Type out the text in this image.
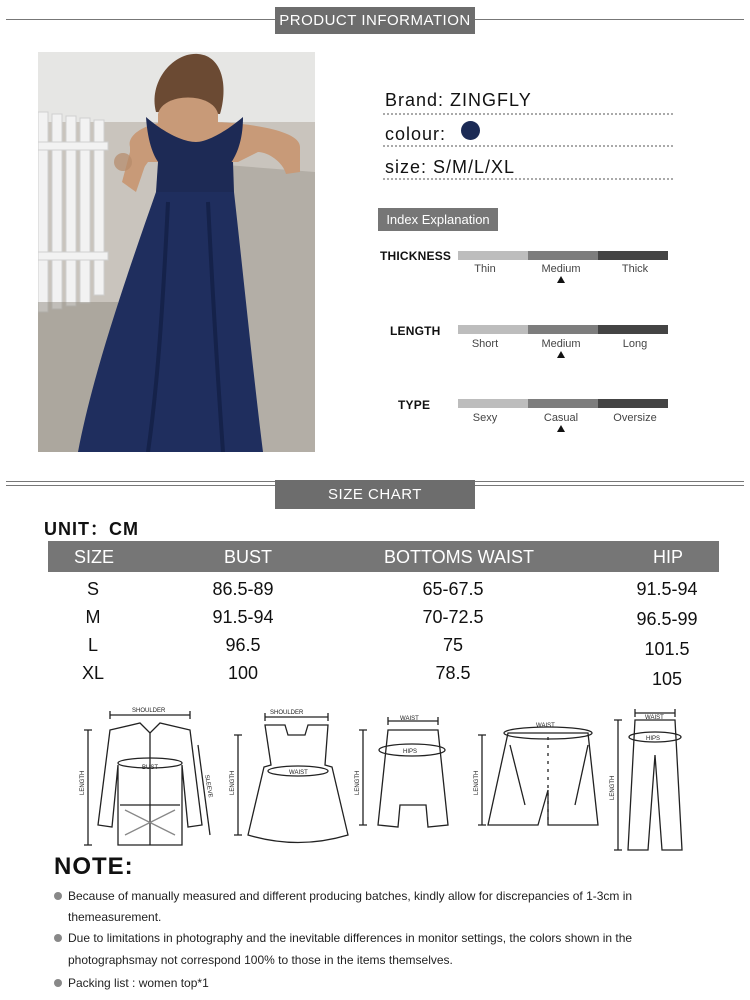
PRODUCT INFORMATION
Brand: ZINGFLY
colour:
size: S/M/L/XL
Index Explanation
THICKNESS
Thin	Medium	Thick
LENGTH
Short	Medium	Long
TYPE
Sexy	Casual	Oversize
SIZE CHART
UNIT：CM
SIZE	BUST	BOTTOMS WAIST	HIP
S	86.5-89	65-67.5	91.5-94
M	91.5-94	70-72.5	96.5-99
L	96.5	75	101.5
XL	100	78.5	105
SHOULDER
BUST
SHOULDER
WAIST
WAIST
HIPS
WAIST
WAIST
HIPS
LENGTH	SLEEVE	LENGTH	LENGTH	LENGTH	LENGTH
NOTE:
Because of manually measured and different producing batches, kindly allow for discrepancies of 1-3cm in
themeasurement.
Due to limitations in photography and the inevitable differences in monitor settings, the colors shown in the
photographsmay not correspond 100% to those in the items themselves.
Packing list : women top*1
